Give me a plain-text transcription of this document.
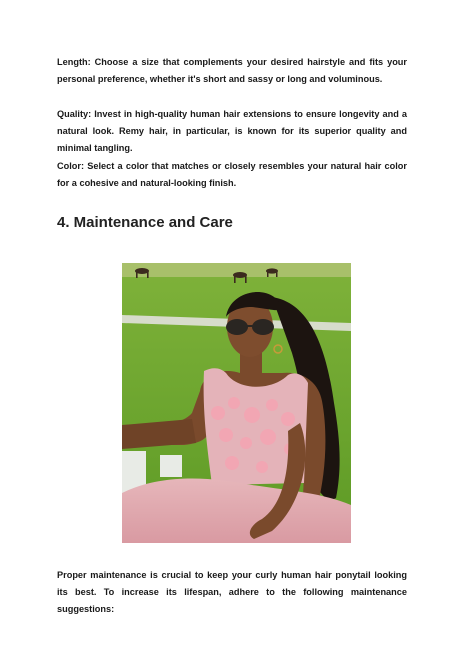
Length: Choose a size that complements your desired hairstyle and fits your personal preference, whether it's short and sassy or long and voluminous.

Quality: Invest in high-quality human hair extensions to ensure longevity and a natural look. Remy hair, in particular, is known for its superior quality and minimal tangling.

Color: Select a color that matches or closely resembles your natural hair color for a cohesive and natural-looking finish.

4. Maintenance and Care

Proper maintenance is crucial to keep your curly human hair ponytail looking its best. To increase its lifespan, adhere to the following maintenance suggestions:
